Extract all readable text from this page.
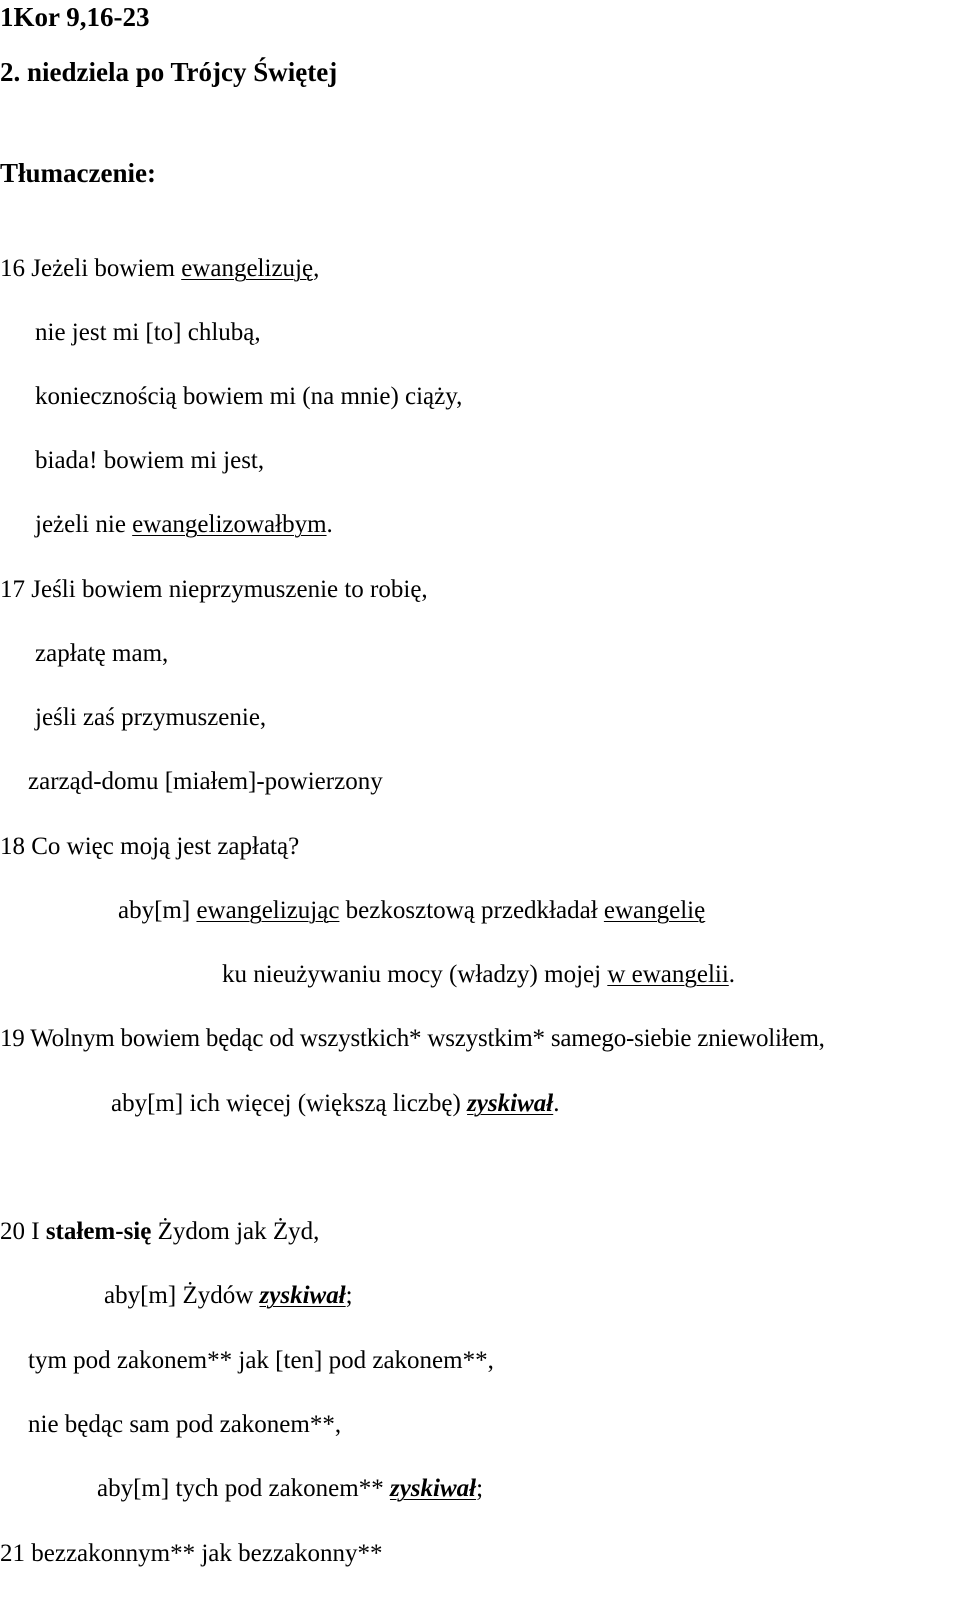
1Kor 9,16-23
2. niedziela po Trójcy Świętej
Tłumaczenie:
16 Jeżeli bowiem ewangelizuję,
nie jest mi [to] chlubą,
koniecznością bowiem mi (na mnie) ciąży,
biada! bowiem mi jest,
jeżeli nie ewangelizowałbym.
17 Jeśli bowiem nieprzymuszenie to robię,
zapłatę mam,
jeśli zaś przymuszenie,
zarząd-domu [miałem]-powierzony
18 Co więc moją jest zapłatą?
aby[m] ewangelizując bezkosztową przedkładał ewangelię
ku nieużywaniu mocy (władzy) mojej w ewangelii.
19 Wolnym bowiem będąc od wszystkich* wszystkim* samego-siebie zniewoliłem,
aby[m] ich więcej (większą liczbę) zyskiwał.
20 I stałem-się Żydom jak Żyd,
aby[m] Żydów zyskiwał;
tym pod zakonem** jak [ten] pod zakonem**,
nie będąc sam pod zakonem**,
aby[m] tych pod zakonem** zyskiwał;
21 bezzakonnym** jak bezzakonny**
